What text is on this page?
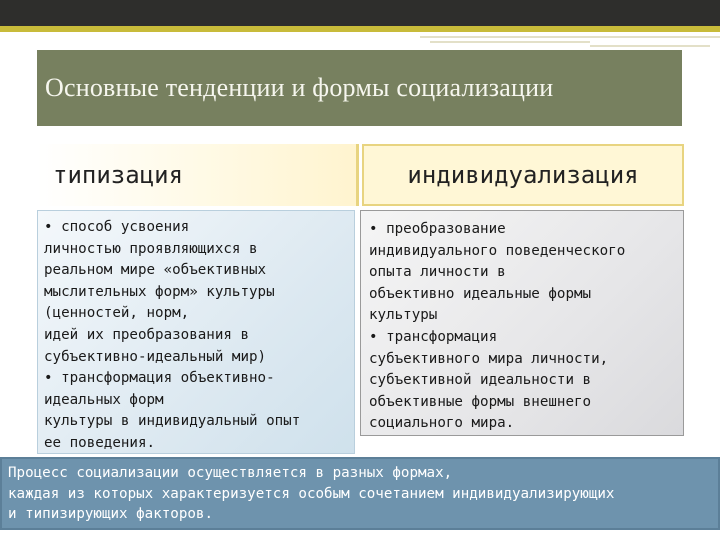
Основные тенденции и формы социализации
типизация	индивидуализация
• способ усвоения
личностью проявляющихся в
реальном мире «объективных
мыслительных форм» культуры
(ценностей, норм,
идей их преобразования в
субъективно-идеальный мир)
• трансформация объективно-
идеальных форм
культуры в индивидуальный опыт
ее поведения.
• преобразование
индивидуального поведенческого
опыта личности в
объективно идеальные формы
культуры
• трансформация
субъективного мира личности,
субъективной идеальности в
объективные формы внешнего
социального мира.
Процесс социализации осуществляется в разных формах,
каждая из которых характеризуется особым сочетанием индивидуализирующих
и типизирующих факторов.
